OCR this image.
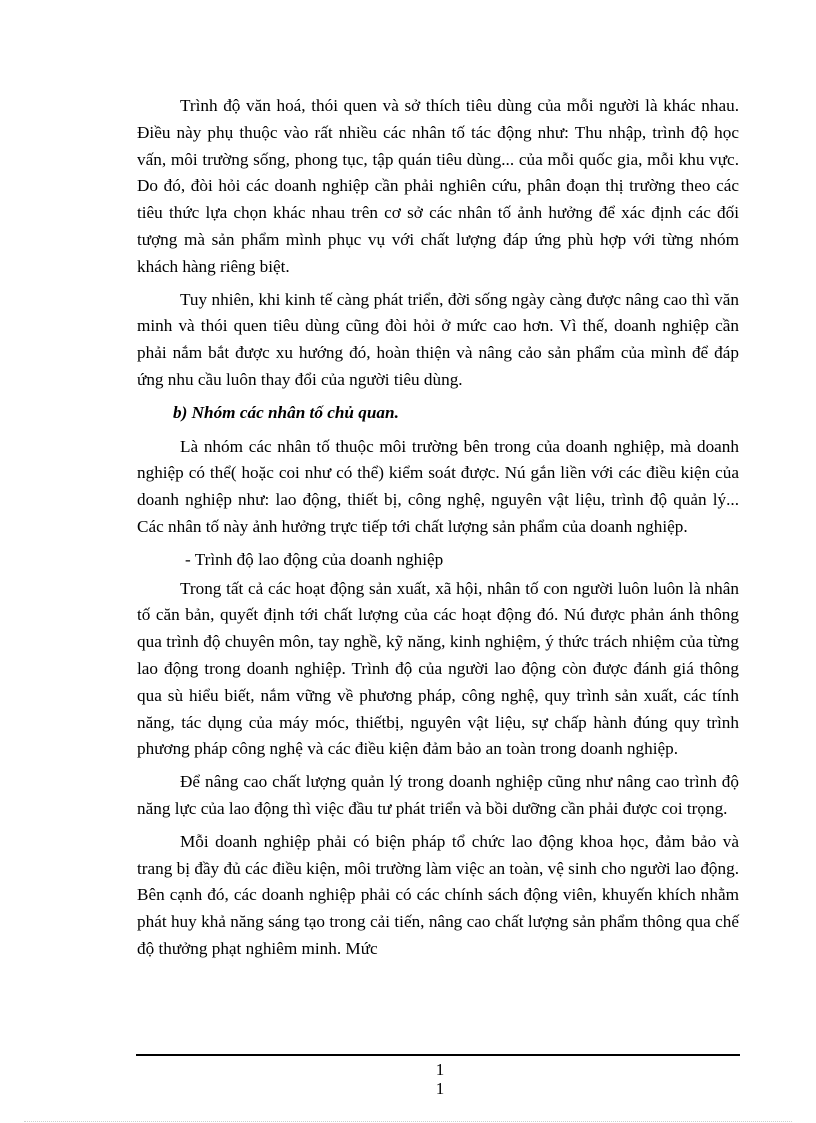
Trình độ văn hoá, thói quen và sở thích tiêu dùng của mỗi người là khác nhau. Điều này phụ thuộc vào rất nhiều các nhân tố tác động như: Thu nhập, trình độ học vấn, môi trường sống, phong tục, tập quán tiêu dùng... của mỗi quốc gia, mỗi khu vực. Do đó, đòi hỏi các doanh nghiệp cần phải nghiên cứu, phân đoạn thị trường theo các tiêu thức lựa chọn khác nhau trên cơ sở các nhân tố ảnh hưởng để xác định các đối tượng mà sản phẩm mình phục vụ với chất lượng đáp ứng phù hợp với từng nhóm khách hàng riêng biệt.

Tuy nhiên, khi kinh tế càng phát triển, đời sống ngày càng được nâng cao thì văn minh và thói quen tiêu dùng cũng đòi hỏi ở mức cao hơn. Vì thế, doanh nghiệp cần phải nắm bắt được xu hướng đó, hoàn thiện và nâng cảo sản phẩm của mình để đáp ứng nhu cầu luôn thay đổi của người tiêu dùng.

b) Nhóm các nhân tố chủ quan.

Là nhóm các nhân tố thuộc môi trường bên trong của doanh nghiệp, mà doanh nghiệp có thể( hoặc coi như có thể) kiểm soát được. Nú gắn liền với các điều kiện của doanh nghiệp như: lao động, thiết bị, công nghệ, nguyên vật liệu, trình độ quản lý... Các nhân tố này ảnh hưởng trực tiếp tới chất lượng sản phẩm của doanh nghiệp.

- Trình độ lao động của doanh nghiệp

Trong tất cả các hoạt động sản xuất, xã hội, nhân tố con người luôn luôn là nhân tố căn bản, quyết định tới chất lượng của các hoạt động đó. Nú được phản ánh thông qua trình độ chuyên môn, tay nghề, kỹ năng, kinh nghiệm, ý thức trách nhiệm của từng lao động trong doanh nghiệp. Trình độ của người lao động còn được đánh giá thông qua sù hiểu biết, nắm vững về phương pháp, công nghệ, quy trình sản xuất, các tính năng, tác dụng của máy móc, thiếtbị, nguyên vật liệu, sự chấp hành đúng quy trình phương pháp công nghệ và các điều kiện đảm bảo an toàn trong doanh nghiệp.

Để nâng cao chất lượng quản lý trong doanh nghiệp cũng như nâng cao trình độ năng lực của lao động thì việc đầu tư phát triển và bồi dưỡng cần phải được coi trọng.

Mỗi doanh nghiệp phải có biện pháp tổ chức lao động khoa học, đảm bảo và trang bị đầy đủ các điều kiện, môi trường làm việc an toàn, vệ sinh cho người lao động. Bên cạnh đó, các doanh nghiệp phải có các chính sách động viên, khuyến khích nhằm phát huy khả năng sáng tạo trong cải tiến, nâng cao chất lượng sản phẩm thông qua chế độ thưởng phạt nghiêm minh. Mức

1
1
